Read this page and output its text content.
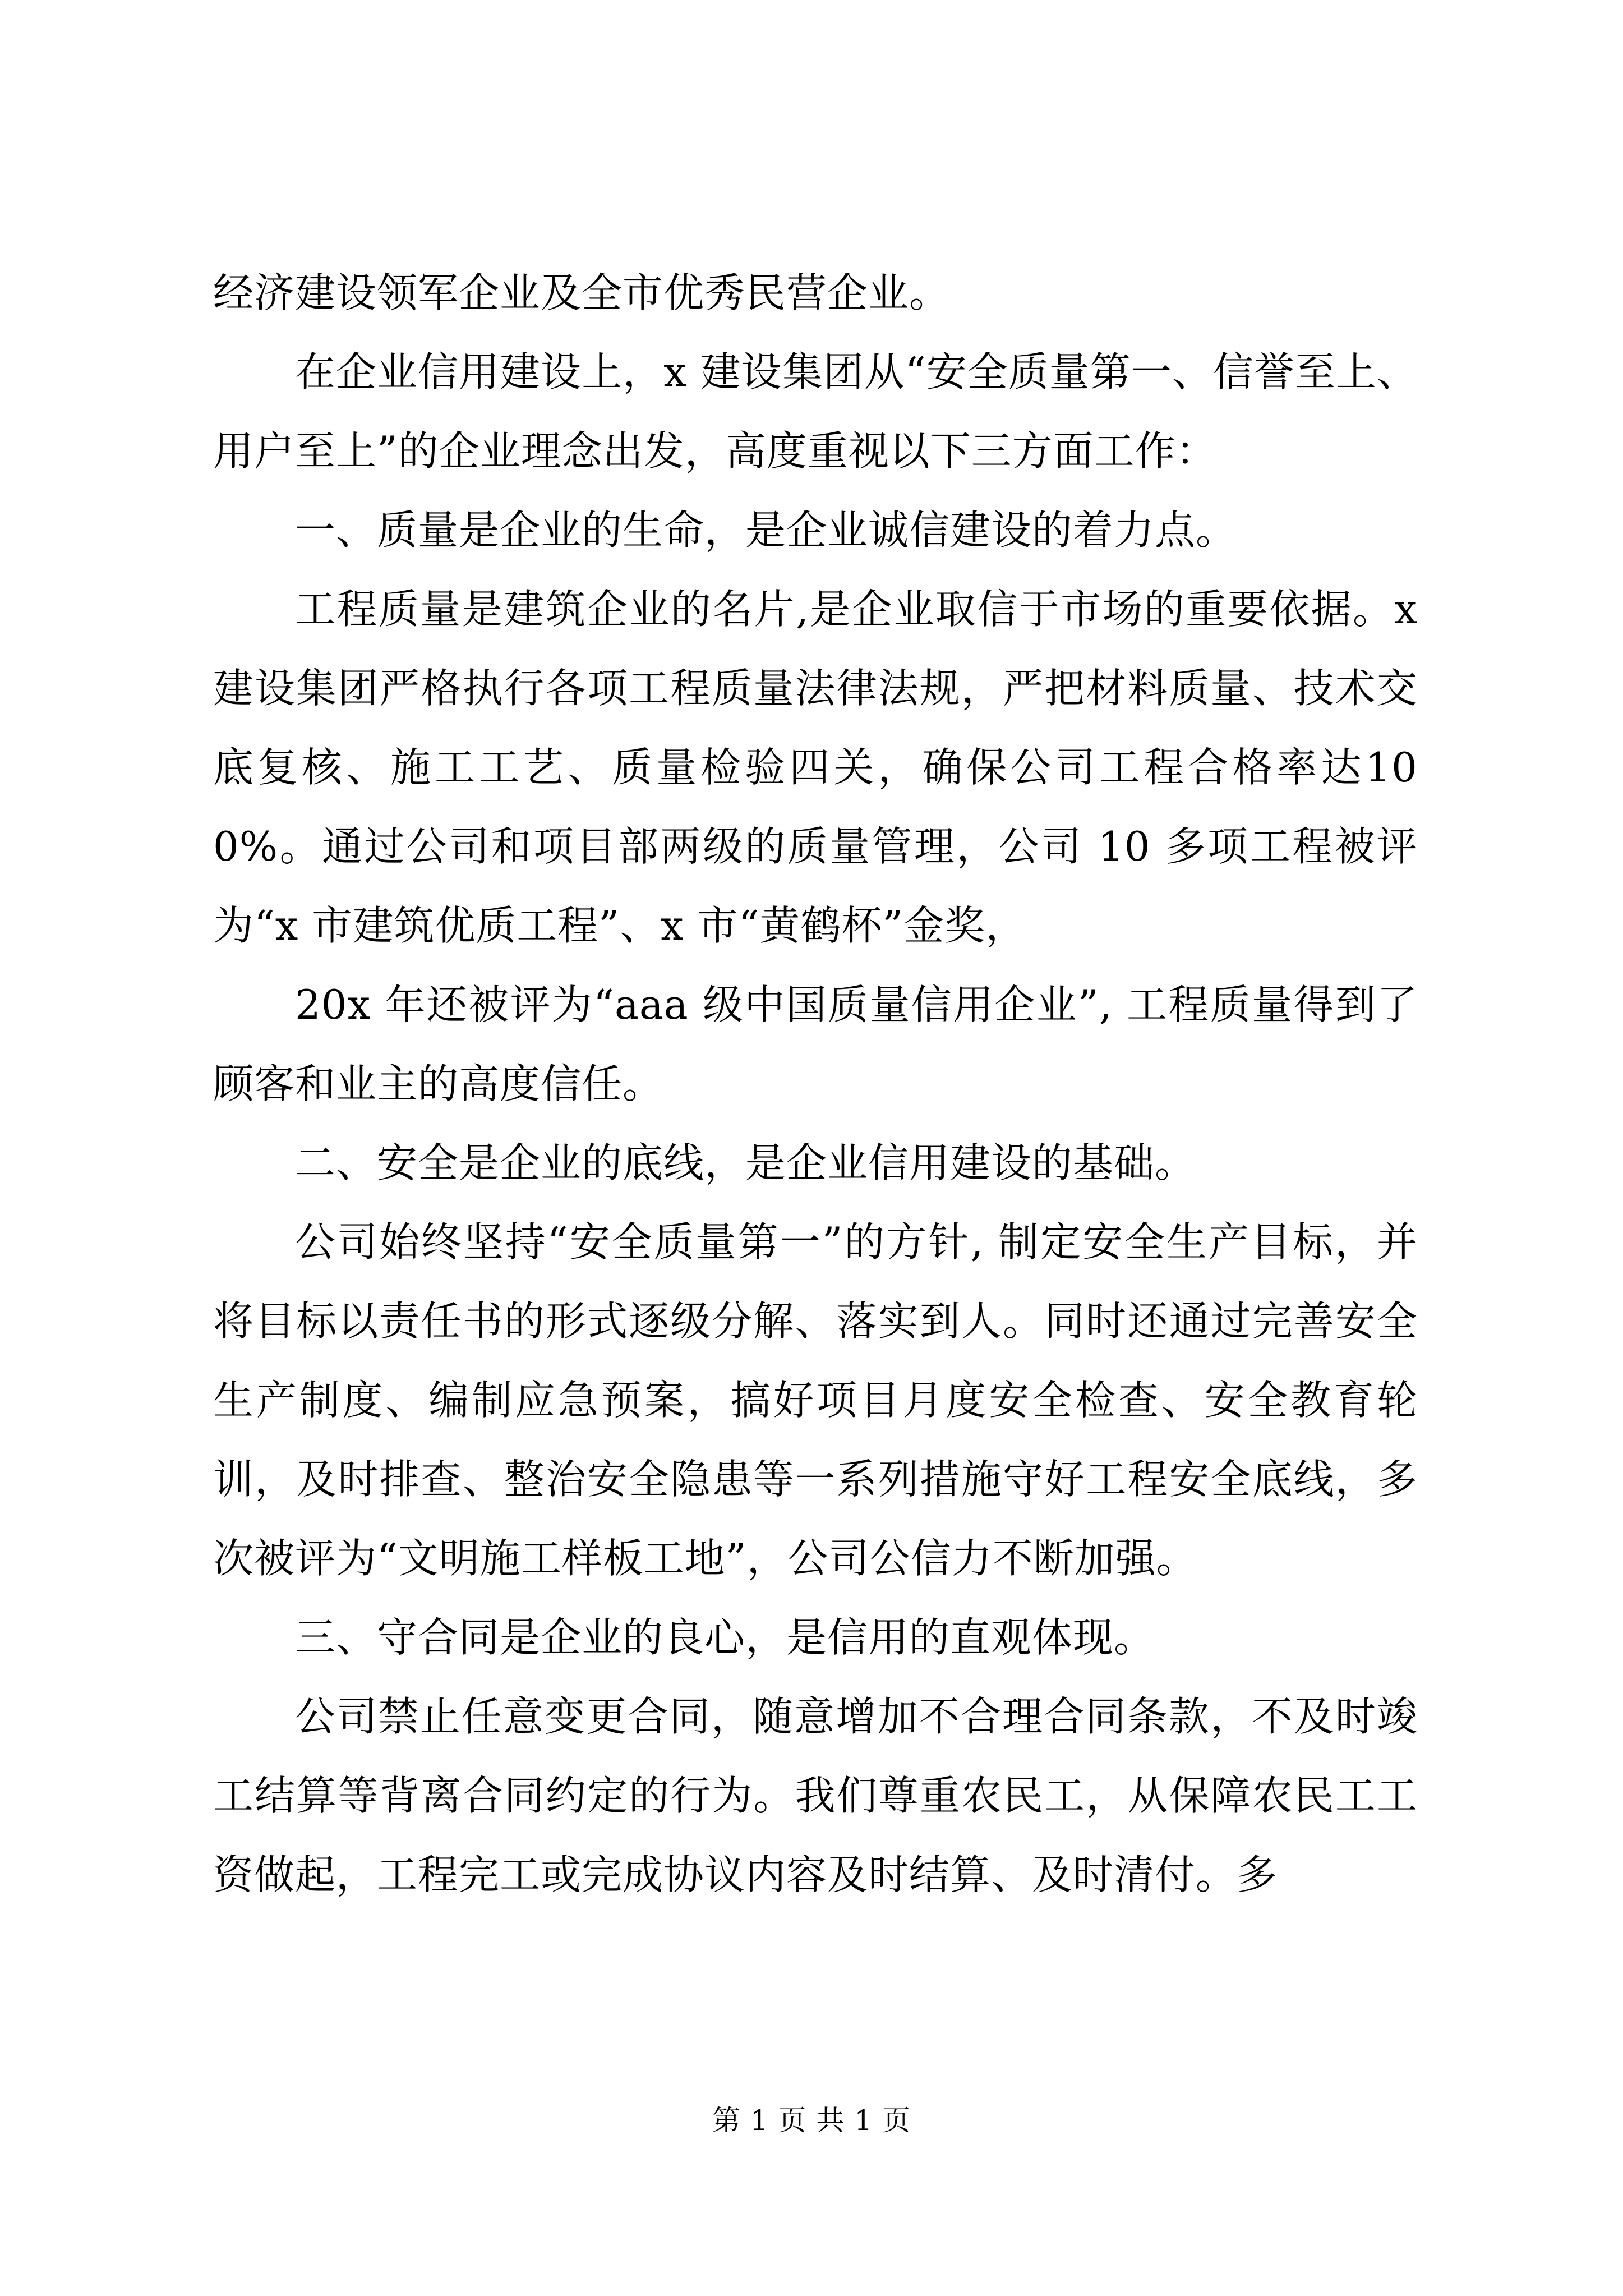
经济建设领军企业及全市优秀民营企业。

在企业信用建设上，x 建设集团从“安全质量第一、信誉至上、用户至上”的企业理念出发，高度重视以下三方面工作：

一、质量是企业的生命，是企业诚信建设的着力点。

工程质量是建筑企业的名片,是企业取信于市场的重要依据。x 建设集团严格执行各项工程质量法律法规，严把材料质量、技术交底复核、施工工艺、质量检验四关，确保公司工程合格率达100%。通过公司和项目部两级的质量管理，公司 10 多项工程被评为“x 市建筑优质工程”、x 市“黄鹤杯”金奖，

20x 年还被评为“aaa 级中国质量信用企业”, 工程质量得到了顾客和业主的高度信任。

二、安全是企业的底线，是企业信用建设的基础。

公司始终坚持“安全质量第一”的方针, 制定安全生产目标，并将目标以责任书的形式逐级分解、落实到人。同时还通过完善安全生产制度、编制应急预案，搞好项目月度安全检查、安全教育轮训，及时排查、整治安全隐患等一系列措施守好工程安全底线，多次被评为“文明施工样板工地”，公司公信力不断加强。

三、守合同是企业的良心，是信用的直观体现。

公司禁止任意变更合同，随意增加不合理合同条款，不及时竣工结算等背离合同约定的行为。我们尊重农民工，从保障农民工工资做起，工程完工或完成协议内容及时结算、及时清付。多

第 1 页 共 1 页
